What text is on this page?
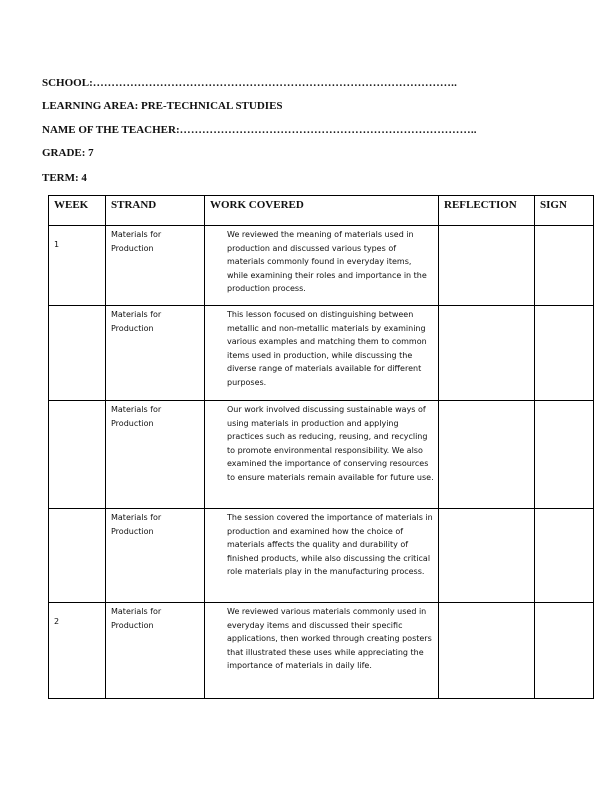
SCHOOL:……………………………………………………………………………………..
LEARNING AREA: PRE-TECHNICAL STUDIES
NAME OF THE TEACHER:……………………………………………………………………..
GRADE: 7
TERM: 4
WEEK	STRAND	WORK COVERED	REFLECTION	SIGN
1	Materials for Production	We reviewed the meaning of materials used in production and discussed various types of materials commonly found in everyday items, while examining their roles and importance in the production process.		
	Materials for Production	This lesson focused on distinguishing between metallic and non-metallic materials by examining various examples and matching them to common items used in production, while discussing the diverse range of materials available for different purposes.		
	Materials for Production	Our work involved discussing sustainable ways of using materials in production and applying practices such as reducing, reusing, and recycling to promote environmental responsibility. We also examined the importance of conserving resources to ensure materials remain available for future use.		
	Materials for Production	The session covered the importance of materials in production and examined how the choice of materials affects the quality and durability of finished products, while also discussing the critical role materials play in the manufacturing process.		
2	Materials for Production	We reviewed various materials commonly used in everyday items and discussed their specific applications, then worked through creating posters that illustrated these uses while appreciating the importance of materials in daily life.		
